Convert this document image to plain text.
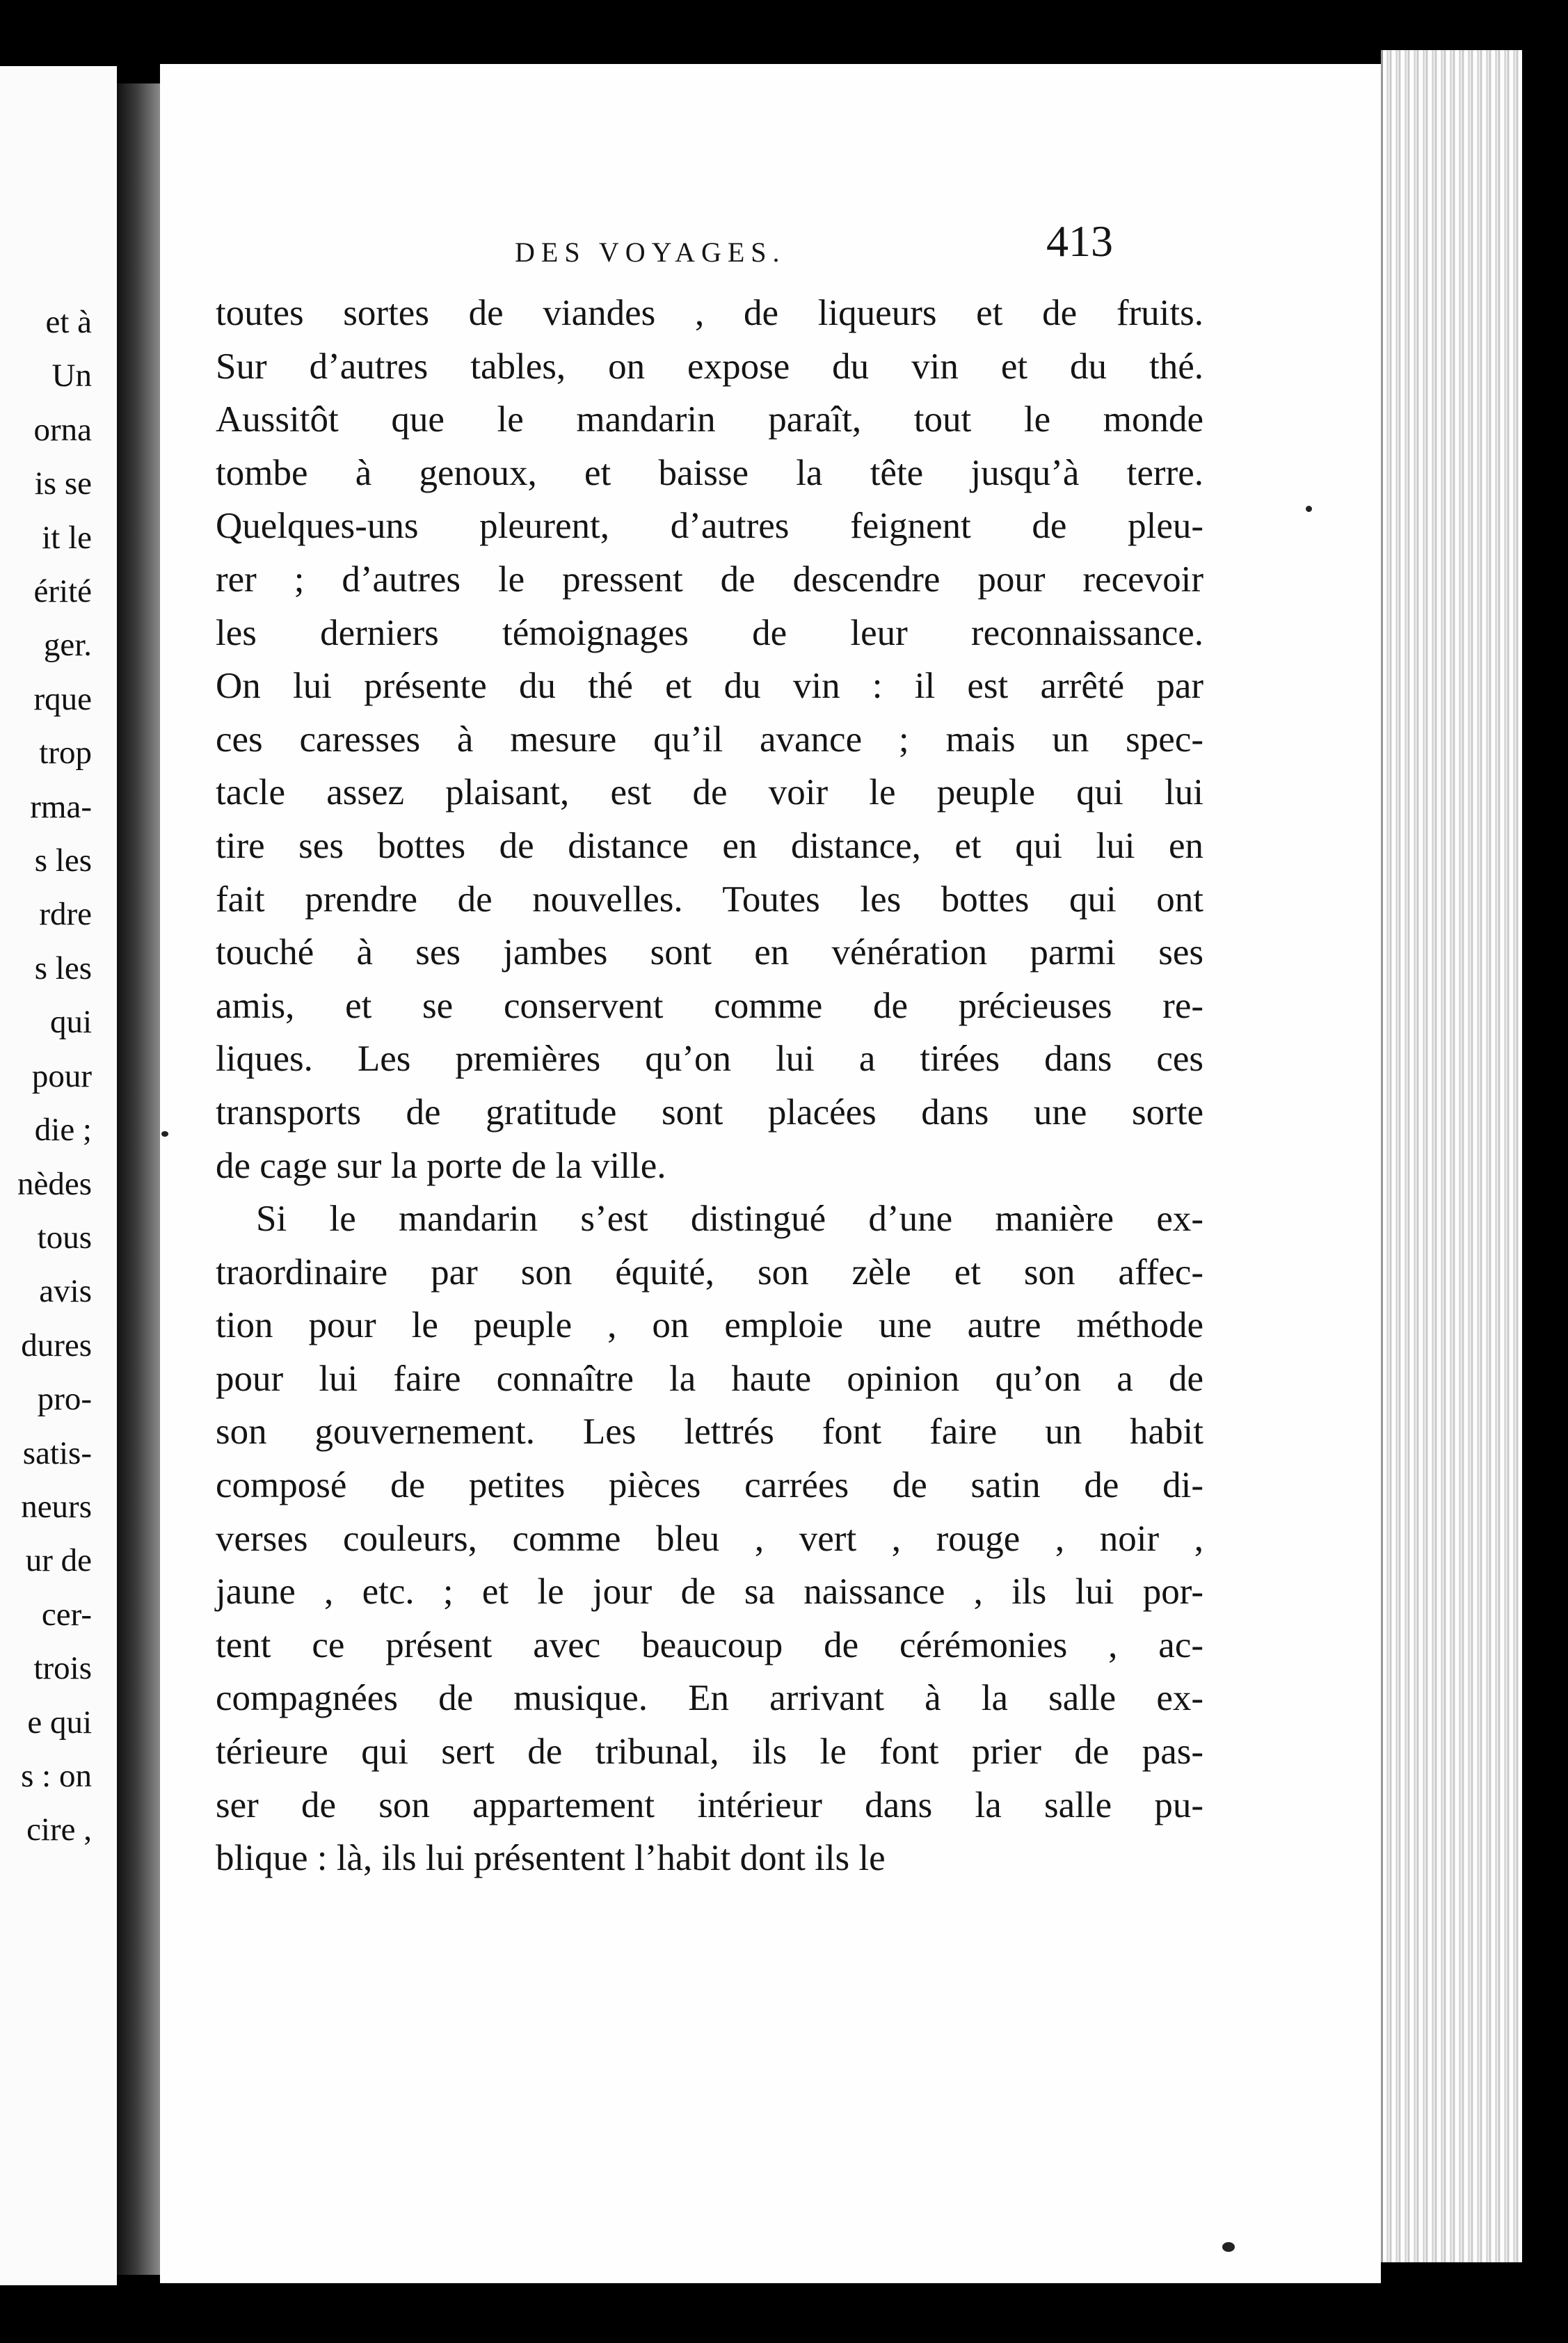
et à
Un
orna
is se
it le
érité
ger.
rque
trop
rma-
s les
rdre
s les
qui
pour
die ;
nèdes
tous
avis
dures
pro-
satis-
neurs
ur de
cer-
trois
e qui
s : on
cire ,
DES VOYAGES.	413
toutes sortes de viandes , de liqueurs et de fruits.
Sur d’autres tables, on expose du vin et du thé.
Aussitôt que le mandarin paraît, tout le monde
tombe à genoux, et baisse la tête jusqu’à terre.
Quelques-uns pleurent, d’autres feignent de pleu-
rer ; d’autres le pressent de descendre pour recevoir
les derniers témoignages de leur reconnaissance.
On lui présente du thé et du vin : il est arrêté par
ces caresses à mesure qu’il avance ; mais un spec-
tacle assez plaisant, est de voir le peuple qui lui
tire ses bottes de distance en distance, et qui lui en
fait prendre de nouvelles. Toutes les bottes qui ont
touché à ses jambes sont en vénération parmi ses
amis, et se conservent comme de précieuses re-
liques. Les premières qu’on lui a tirées dans ces
transports de gratitude sont placées dans une sorte
de cage sur la porte de la ville.
Si le mandarin s’est distingué d’une manière ex-
traordinaire par son équité, son zèle et son affec-
tion pour le peuple , on emploie une autre méthode
pour lui faire connaître la haute opinion qu’on a de
son gouvernement. Les lettrés font faire un habit
composé de petites pièces carrées de satin de di-
verses couleurs, comme bleu , vert , rouge , noir ,
jaune , etc. ; et le jour de sa naissance , ils lui por-
tent ce présent avec beaucoup de cérémonies , ac-
compagnées de musique. En arrivant à la salle ex-
térieure qui sert de tribunal, ils le font prier de pas-
ser de son appartement intérieur dans la salle pu-
blique : là, ils lui présentent l’habit dont ils le
